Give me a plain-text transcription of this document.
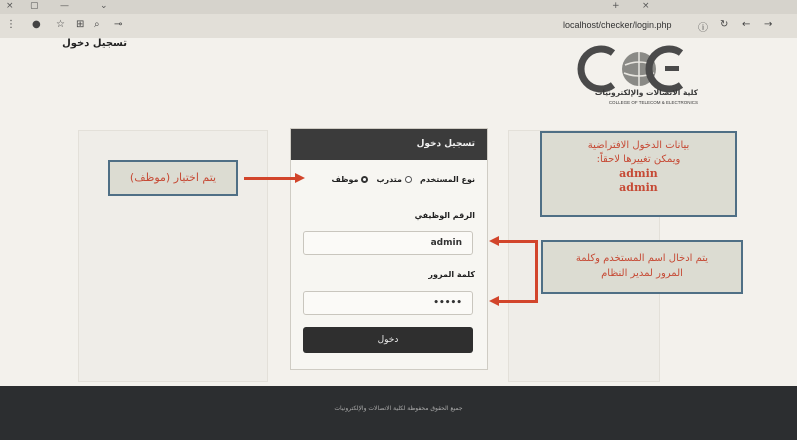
× ▢ —	⌄	+ ×
⋮ ● ☆ ⊞ ⌕ ⊸	localhost/checker/login.php	ⓘ ↻ ← →
تسجيل دخول
كلية الاتصالات والإلكترونيات
COLLEGE OF TELECOM & ELECTRONICS
تسجيل دخول
نوع المستخدم
متدرب
موظف
الرقم الوظيفي
admin
كلمة المرور
•••••
دخول
يتم اختيار (موظف)
بيانات الدخول الافتراضية
ويمكن تغييرها لاحقاً:
admin
admin
يتم ادخال اسم المستخدم وكلمة
المرور لمدير النظام
جميع الحقوق محفوظة لكلية الاتصالات والإلكترونيات
